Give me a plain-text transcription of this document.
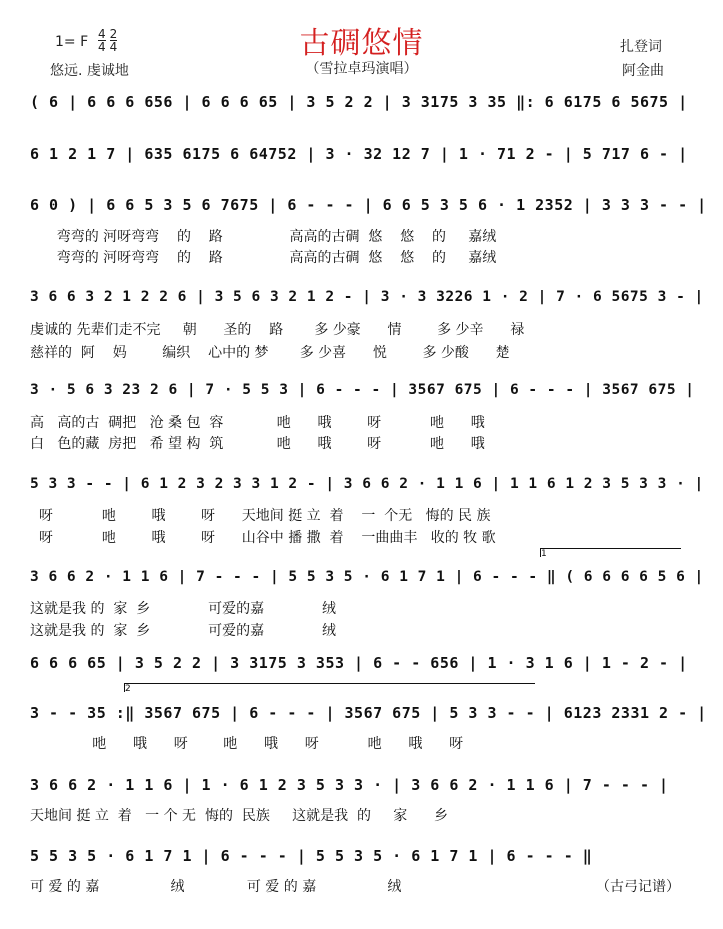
古碉悠情
（雪拉卓玛演唱）
1= F $\frac{4}{4} \frac{2}{4}$
悠远. 虔诚地
扎登词
阿金曲
( 6 | 6 6 6 656 | 6 6 6 65 | 3 5 2 2 | 3 3175 3 35 ‖: 6 6175 6 5675 |
6 1 2 1 7 | 635 6175 6 64752 | 3 · 32 12 7 | 1 · 71 2 - | 5 717 6 - |
6 0 ) | 6 6 5 3 5 6 7675 | 6 - - - | 6 6 5 3 5 6 · 1 2352 | 3 3 3 - - |
弯弯的 河呀弯弯    的    路               高高的古碉  悠    悠    的     嘉绒
弯弯的 河呀弯弯    的    路               高高的古碉  悠    悠    的     嘉绒
3 6 6 3 2 1 2 2 6 | 3 5 6 3 2 1 2 - | 3 · 3 3226 1 · 2 | 7 · 6 5675 3 - |
虔诚的 先辈们走不完     朝      圣的    路       多 少豪      情        多 少辛      禄
慈祥的  阿    妈        编织    心中的 梦       多 少喜      悦        多 少酸      楚
3 · 5 6 3 23 2 6 | 7 · 5 5 3 | 6 - - - | 3567 675 | 6 - - - | 3567 675 |
高   高的古  碉把   沧 桑 包  容            吔      哦        呀           吔      哦
白   色的藏  房把   希 望 构  筑            吔      哦        呀           吔      哦
5 3 3 - - | 6 1 2 3 2 3 3 1 2 - | 3 6 6 2 · 1 1 6 | 1 1 6 1 2 3 5 3 3 · |
呀           吔        哦        呀      天地间 挺 立  着    一  个无   悔的 民 族
呀           吔        哦        呀      山谷中 播 撒  着    一曲曲丰   收的 牧 歌
1
3 6 6 2 · 1 1 6 | 7 - - - | 5 5 3 5 · 6 1 7 1 | 6 - - - ‖ ( 6 6 6 6 5 6 |
这就是我 的  家  乡             可爱的嘉             绒
这就是我 的  家  乡             可爱的嘉             绒
6 6 6 65 | 3 5 2 2 | 3 3175 3 353 | 6 - - 656 | 1 · 3 1 6 | 1 - 2 - |
2
3 - - 35 :‖ 3567 675 | 6 - - - | 3567 675 | 5 3 3 - - | 6123 2331 2 - |
吔      哦      呀        吔      哦      呀           吔      哦      呀
3 6 6 2 · 1 1 6 | 1 · 6 1 2 3 5 3 3 · | 3 6 6 2 · 1 1 6 | 7 - - - |
天地间 挺 立  着   一 个 无  悔的  民族     这就是我  的     家      乡
5 5 3 5 · 6 1 7 1 | 6 - - - | 5 5 3 5 · 6 1 7 1 | 6 - - - ‖
可 爱 的 嘉                绒              可 爱 的 嘉                绒	（古弓记谱）
